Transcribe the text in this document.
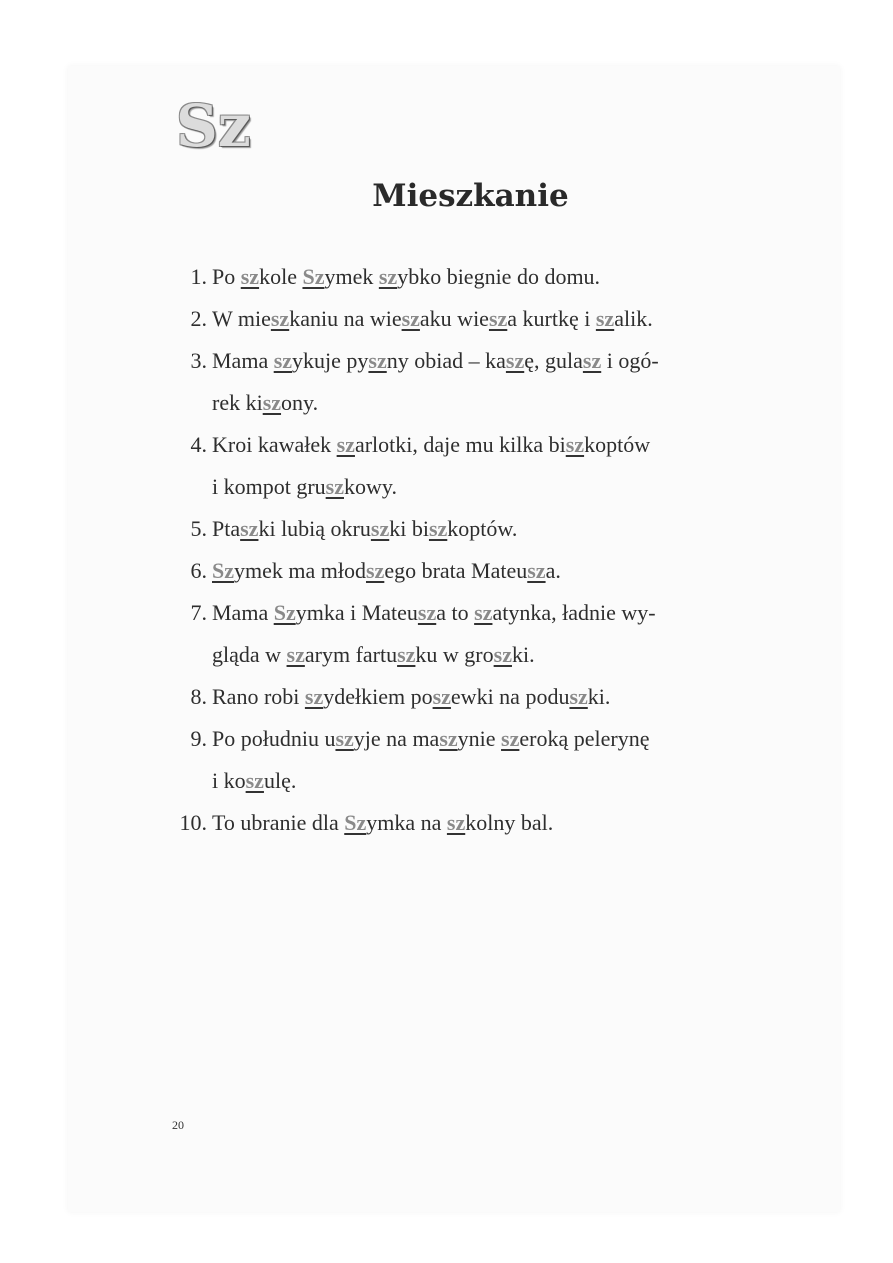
Sz
Mieszkanie
1. Po szkole Szymek szybko biegnie do domu.
2. W mieszkaniu na wieszaku wiesza kurtkę i szalik.
3. Mama szykuje pyszny obiad – kaszę, gulasz i ogó-
rek kiszony.
4. Kroi kawałek szarlotki, daje mu kilka biszkoptów
i kompot gruszkowy.
5. Ptaszki lubią okruszki biszkoptów.
6. Szymek ma młodszego brata Mateusza.
7. Mama Szymka i Mateusza to szatynka, ładnie wy-
gląda w szarym fartuszku w groszki.
8. Rano robi szydełkiem poszewki na poduszki.
9. Po południu uszyje na maszynie szeroką pelerynę
i koszulę.
10. To ubranie dla Szymka na szkolny bal.
20
